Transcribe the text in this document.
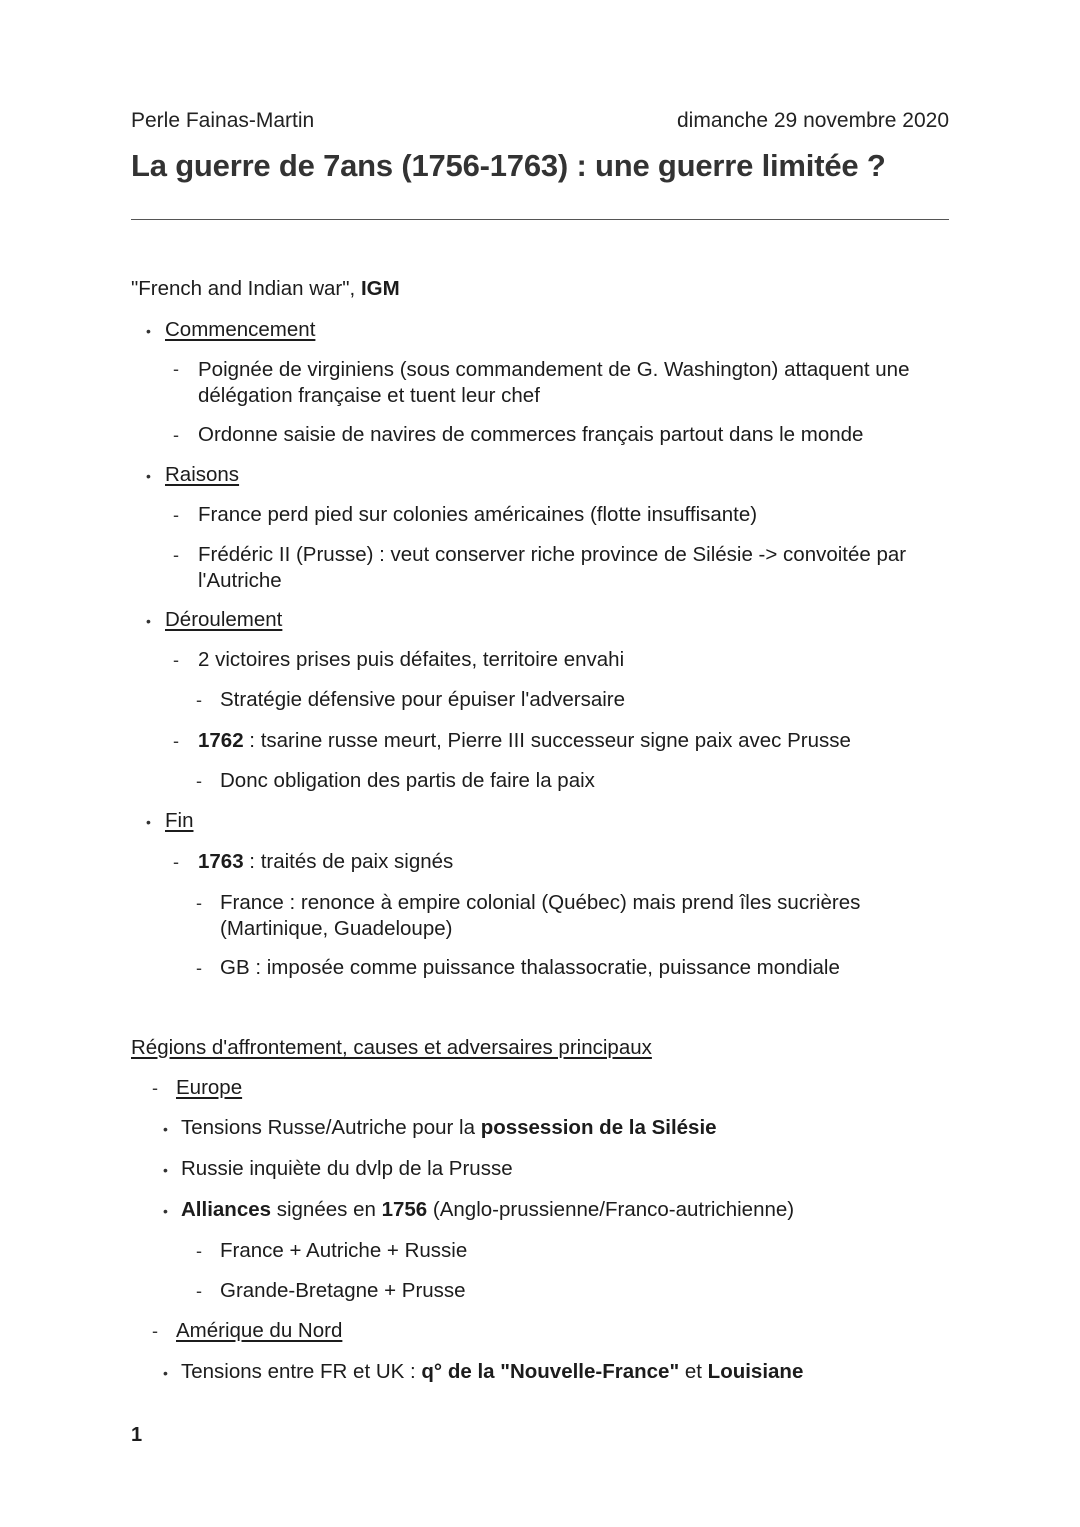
Perle Fainas-Martin	dimanche 29 novembre 2020
La guerre de 7ans (1756-1763) : une guerre limitée ?
"French and Indian war", IGM
• Commencement
- Poignée de virginiens (sous commandement de G. Washington) attaquent une délégation française et tuent leur chef
- Ordonne saisie de navires de commerces français partout dans le monde
• Raisons
- France perd pied sur colonies américaines (flotte insuffisante)
- Frédéric II (Prusse) : veut conserver riche province de Silésie -> convoitée par l'Autriche
• Déroulement
- 2 victoires prises puis défaites, territoire envahi
- Stratégie défensive pour épuiser l'adversaire
- 1762 : tsarine russe meurt, Pierre III successeur signe paix avec Prusse
- Donc obligation des partis de faire la paix
• Fin
- 1763 : traités de paix signés
- France : renonce à empire colonial (Québec) mais prend îles sucrières (Martinique, Guadeloupe)
- GB : imposée comme puissance thalassocratie, puissance mondiale
Régions d'affrontement, causes et adversaires principaux
- Europe
• Tensions Russe/Autriche pour la possession de la Silésie
• Russie inquiète du dvlp de la Prusse
• Alliances signées en 1756 (Anglo-prussienne/Franco-autrichienne)
- France + Autriche + Russie
- Grande-Bretagne + Prusse
- Amérique du Nord
• Tensions entre FR et UK : q° de la "Nouvelle-France" et Louisiane
1
